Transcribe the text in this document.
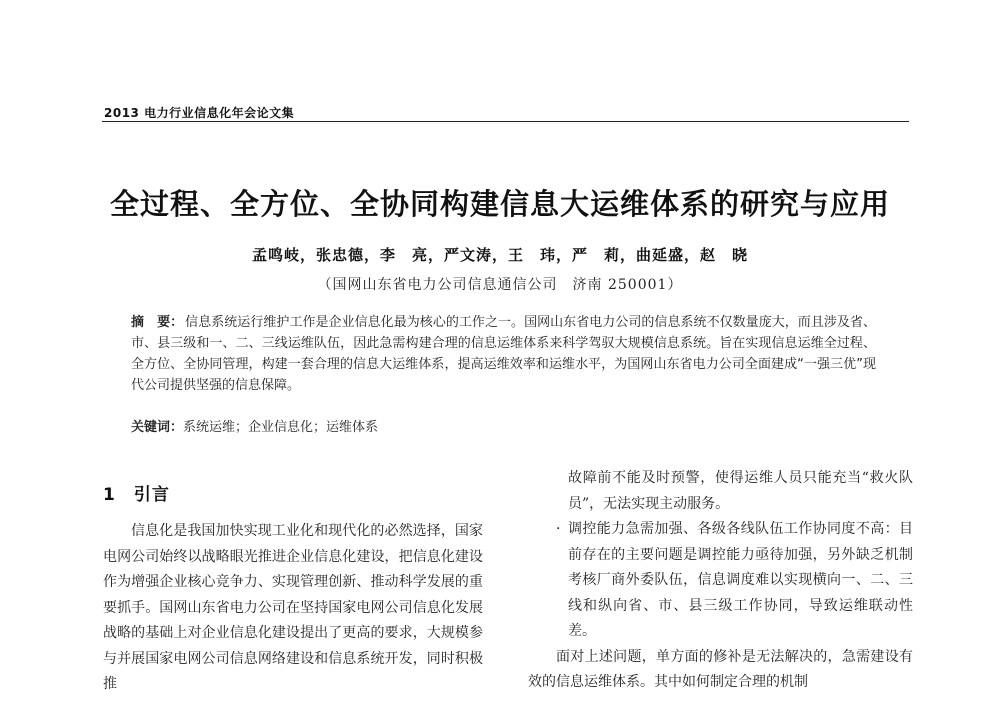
2013 电力行业信息化年会论文集
全过程、全方位、全协同构建信息大运维体系的研究与应用
孟鸣岐，张忠德，李　亮，严文涛，王　玮，严　莉，曲延盛，赵　晓
（国网山东省电力公司信息通信公司　济南 250001）
摘　要： 信息系统运行维护工作是企业信息化最为核心的工作之一。国网山东省电力公司的信息系统不仅数量庞大，而且涉及省、市、县三级和一、二、三线运维队伍，因此急需构建合理的信息运维体系来科学驾驭大规模信息系统。旨在实现信息运维全过程、全方位、全协同管理，构建一套合理的信息大运维体系，提高运维效率和运维水平，为国网山东省电力公司全面建成“一强三优”现代公司提供坚强的信息保障。
关键词：系统运维；企业信息化；运维体系
1 引言

信息化是我国加快实现工业化和现代化的必然选择，国家电网公司始终以战略眼光推进企业信息化建设，把信息化建设作为增强企业核心竞争力、实现管理创新、推动科学发展的重要抓手。国网山东省电力公司在坚持国家电网公司信息化发展战略的基础上对企业信息化建设提出了更高的要求，大规模参与并展国家电网公司信息网络建设和信息系统开发，同时积极推

故障前不能及时预警，使得运维人员只能充当“救火队员”，无法实现主动服务。

· 调控能力急需加强、各级各线队伍工作协同度不高：目前存在的主要问题是调控能力亟待加强，另外缺乏机制考核厂商外委队伍，信息调度难以实现横向一、二、三线和纵向省、市、县三级工作协同，导致运维联动性差。

面对上述问题，单方面的修补是无法解决的，急需建设有效的信息运维体系。其中如何制定合理的机制
